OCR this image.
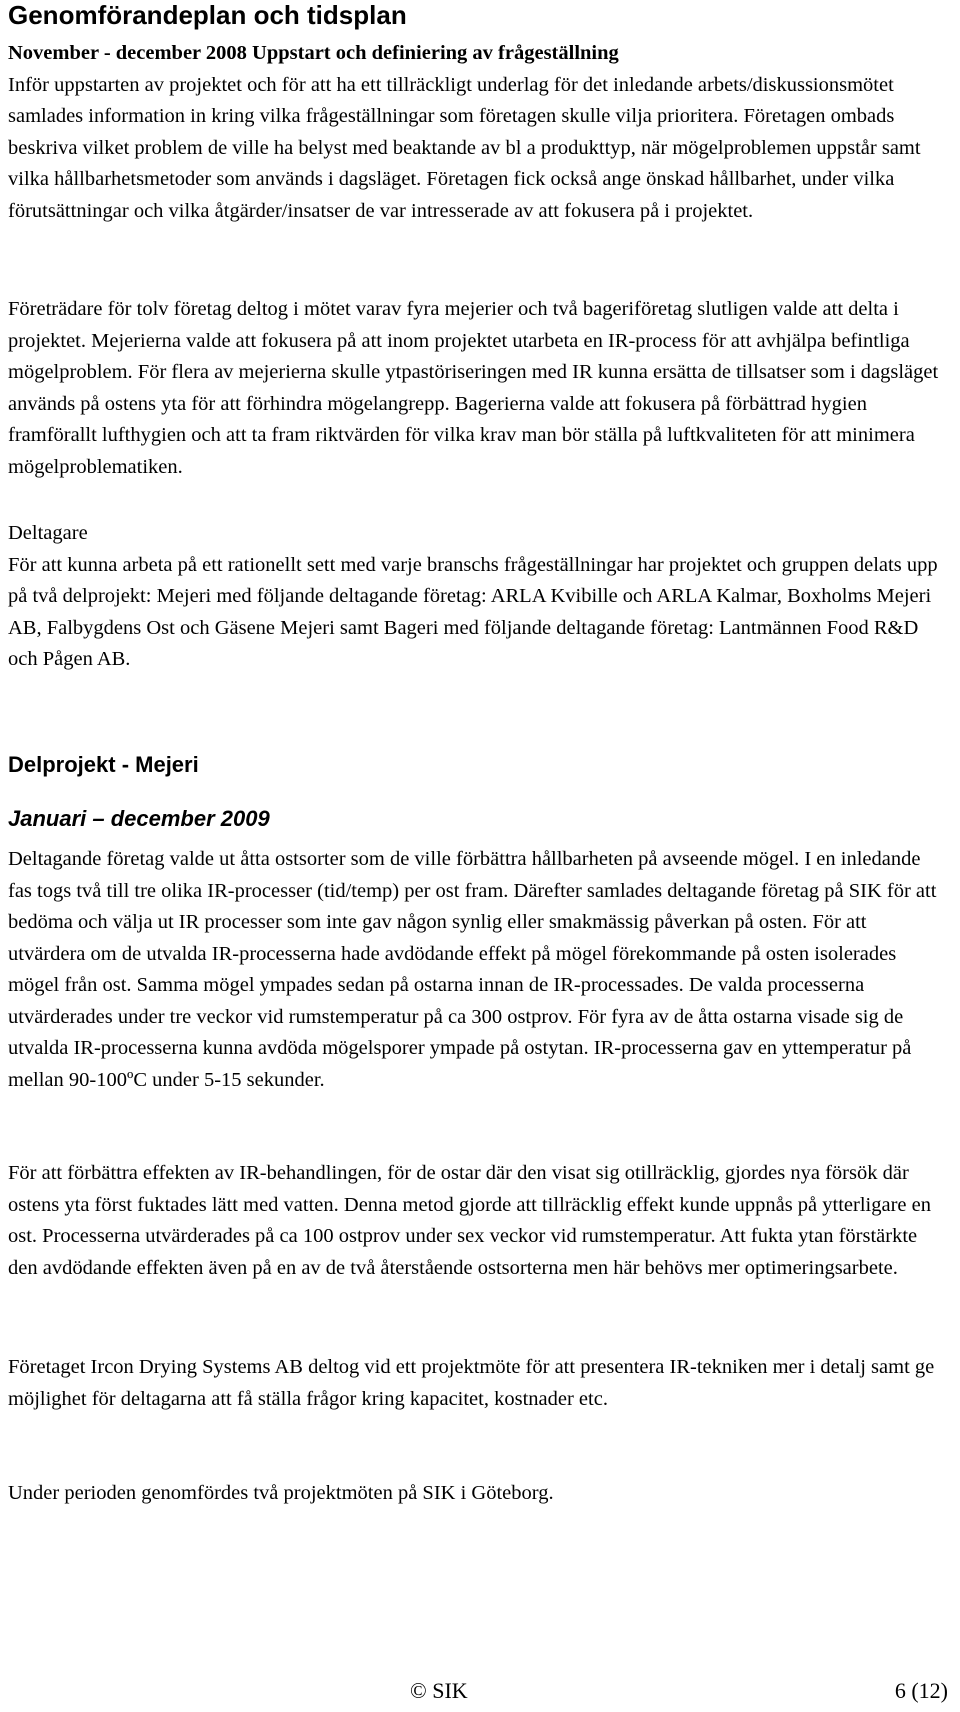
Genomförandeplan och tidsplan

November - december 2008 Uppstart och definiering av frågeställning

Inför uppstarten av projektet och för att ha ett tillräckligt underlag för det inledande arbets/diskussionsmötet samlades information in kring vilka frågeställningar som företagen skulle vilja prioritera. Företagen ombads beskriva vilket problem de ville ha belyst med beaktande av bl a produkttyp, när mögelproblemen uppstår samt vilka hållbarhetsmetoder som används i dagsläget. Företagen fick också ange önskad hållbarhet, under vilka förutsättningar och vilka åtgärder/insatser de var intresserade av att fokusera på i projektet.

Företrädare för tolv företag deltog i mötet varav fyra mejerier och två bageriföretag slutligen valde att delta i projektet. Mejerierna valde att fokusera på att inom projektet utarbeta en IR-process för att avhjälpa befintliga mögelproblem. För flera av mejerierna skulle ytpastöriseringen med IR kunna ersätta de tillsatser som i dagsläget används på ostens yta för att förhindra mögelangrepp. Bagerierna valde att fokusera på förbättrad hygien framförallt lufthygien och att ta fram riktvärden för vilka krav man bör ställa på luftkvaliteten för att minimera mögelproblematiken.

Deltagare

För att kunna arbeta på ett rationellt sett med varje branschs frågeställningar har projektet och gruppen delats upp på två delprojekt: Mejeri med följande deltagande företag: ARLA Kvibille och ARLA Kalmar, Boxholms Mejeri AB, Falbygdens Ost och Gäsene Mejeri samt Bageri med följande deltagande företag: Lantmännen Food R&D och Pågen AB.

Delprojekt - Mejeri
Januari – december 2009

Deltagande företag valde ut åtta ostsorter som de ville förbättra hållbarheten på avseende mögel. I en inledande fas togs två till tre olika IR-processer (tid/temp) per ost fram. Därefter samlades deltagande företag på SIK för att bedöma och välja ut IR processer som inte gav någon synlig eller smakmässig påverkan på osten. För att utvärdera om de utvalda IR-processerna hade avdödande effekt på mögel förekommande på osten isolerades mögel från ost. Samma mögel ympades sedan på ostarna innan de IR-processades. De valda processerna utvärderades under tre veckor vid rumstemperatur på ca 300 ostprov. För fyra av de åtta ostarna visade sig de utvalda IR-processerna kunna avdöda mögelsporer ympade på ostytan. IR-processerna gav en yttemperatur på mellan 90-100ºC under 5-15 sekunder.

För att förbättra effekten av IR-behandlingen, för de ostar där den visat sig otillräcklig, gjordes nya försök där ostens yta först fuktades lätt med vatten. Denna metod gjorde att tillräcklig effekt kunde uppnås på ytterligare en ost. Processerna utvärderades på ca 100 ostprov under sex veckor vid rumstemperatur. Att fukta ytan förstärkte den avdödande effekten även på en av de två återstående ostsorterna men här behövs mer optimeringsarbete.

Företaget Ircon Drying Systems AB deltog vid ett projektmöte för att presentera IR-tekniken mer i detalj samt ge möjlighet för deltagarna att få ställa frågor kring kapacitet, kostnader etc.

Under perioden genomfördes två projektmöten på SIK i Göteborg.

© SIK	6 (12)
